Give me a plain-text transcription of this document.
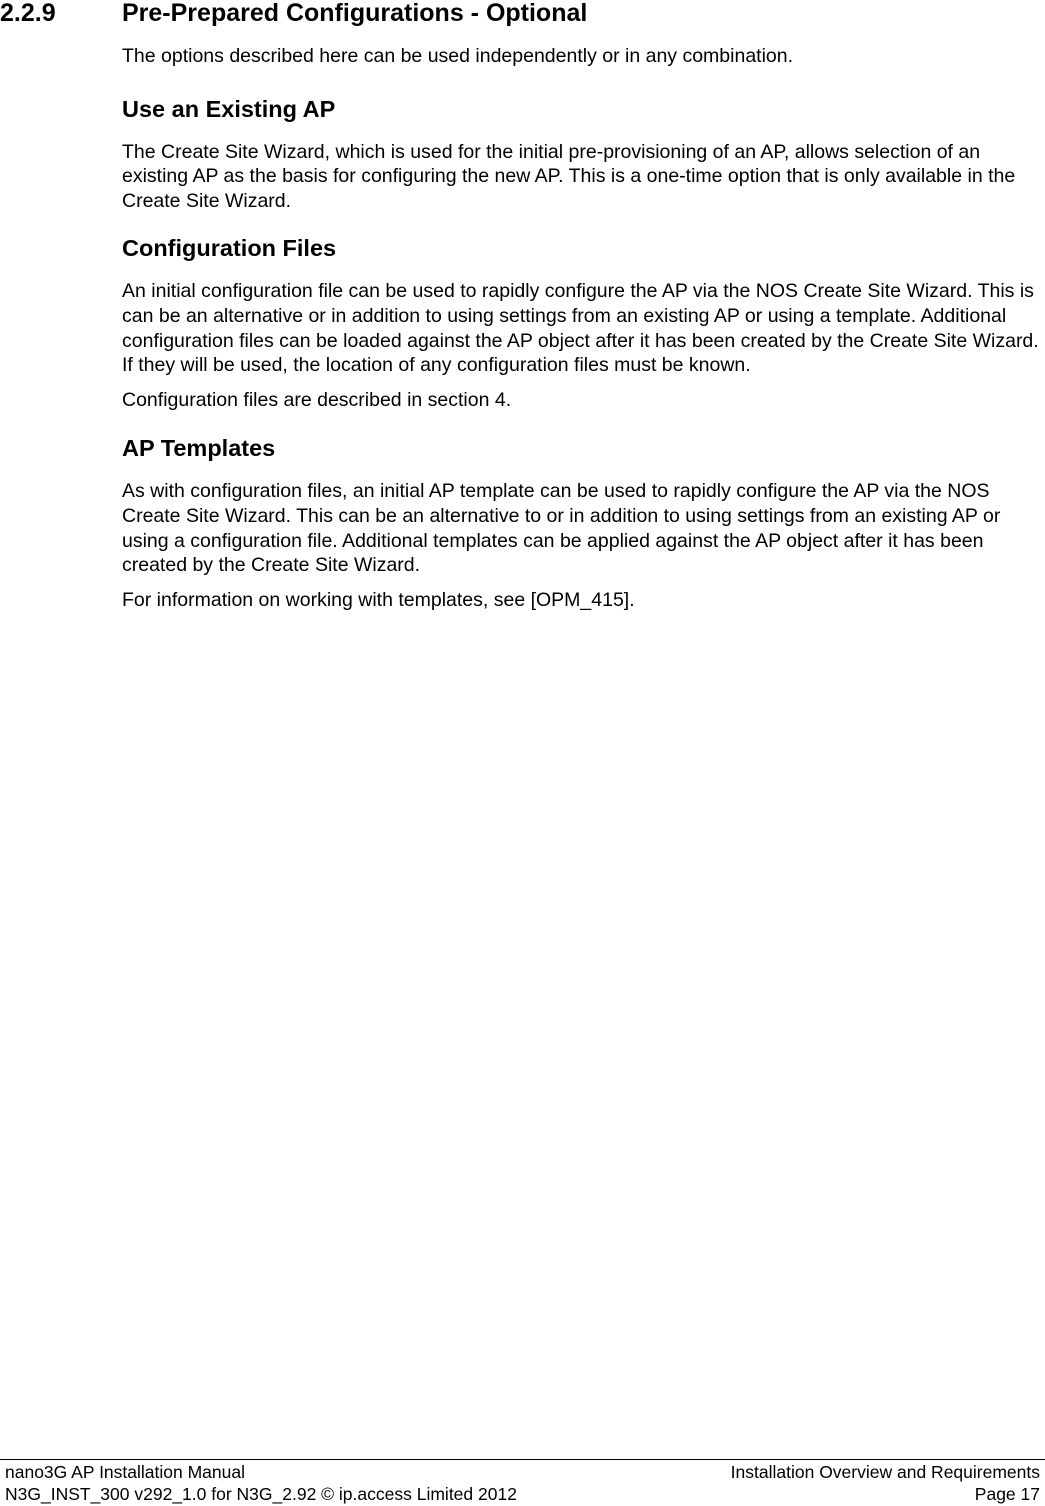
2.2.9	Pre-Prepared Configurations - Optional

The options described here can be used independently or in any combination.

Use an Existing AP

The Create Site Wizard, which is used for the initial pre-provisioning of an AP, allows selection of an existing AP as the basis for configuring the new AP. This is a one-time option that is only available in the Create Site Wizard.

Configuration Files

An initial configuration file can be used to rapidly configure the AP via the NOS Create Site Wizard. This is can be an alternative or in addition to using settings from an existing AP or using a template. Additional configuration files can be loaded against the AP object after it has been created by the Create Site Wizard. If they will be used, the location of any configuration files must be known.

Configuration files are described in section 4.

AP Templates

As with configuration files, an initial AP template can be used to rapidly configure the AP via the NOS Create Site Wizard. This can be an alternative to or in addition to using settings from an existing AP or using a configuration file. Additional templates can be applied against the AP object after it has been created by the Create Site Wizard.

For information on working with templates, see [OPM_415].

nano3G AP Installation Manual	Installation Overview and Requirements
N3G_INST_300 v292_1.0 for N3G_2.92 © ip.access Limited 2012	Page 17
